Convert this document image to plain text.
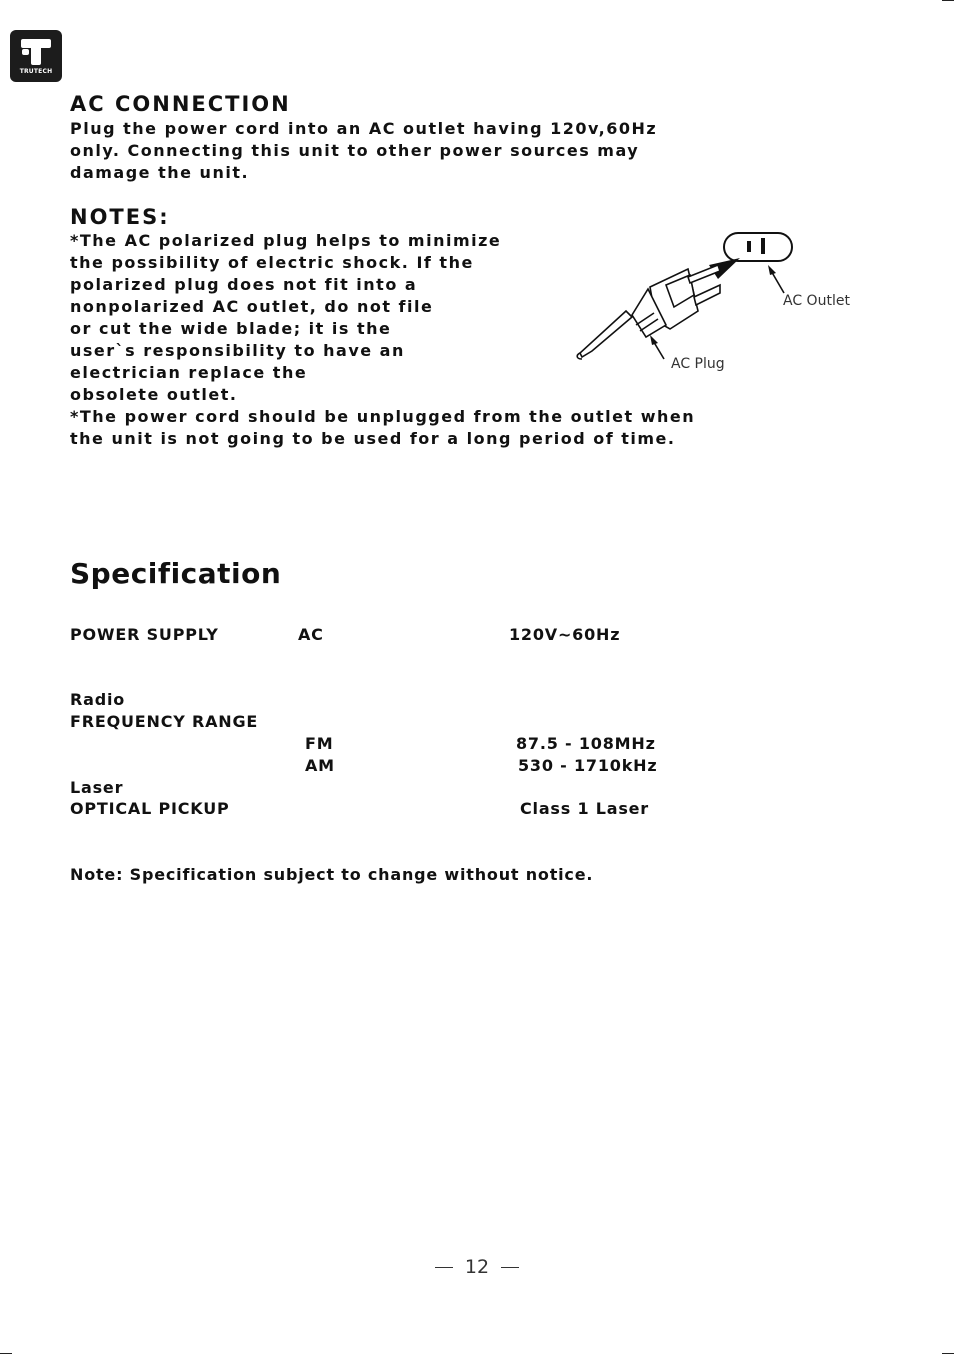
TRUTECH
AC CONNECTION
Plug the power cord into an AC outlet having 120v,60Hz
only. Connecting this unit to other power sources may
damage the unit.
NOTES:
*The AC polarized plug helps to minimize
the possibility of electric shock. If the
polarized plug does not fit into a
nonpolarized AC outlet, do not file
or cut the wide blade; it is the
user`s responsibility to have an
electrician replace the
obsolete outlet.
*The power cord should be unplugged from the outlet when
the unit is not going to be used for a long period of time.
AC Outlet
AC Plug
Specification
POWER SUPPLY	AC	120V~60Hz
Radio
FREQUENCY RANGE
FM	87.5 - 108MHz
AM	530 - 1710kHz
Laser
OPTICAL PICKUP	Class 1 Laser
Note: Specification subject to change without notice.
12
